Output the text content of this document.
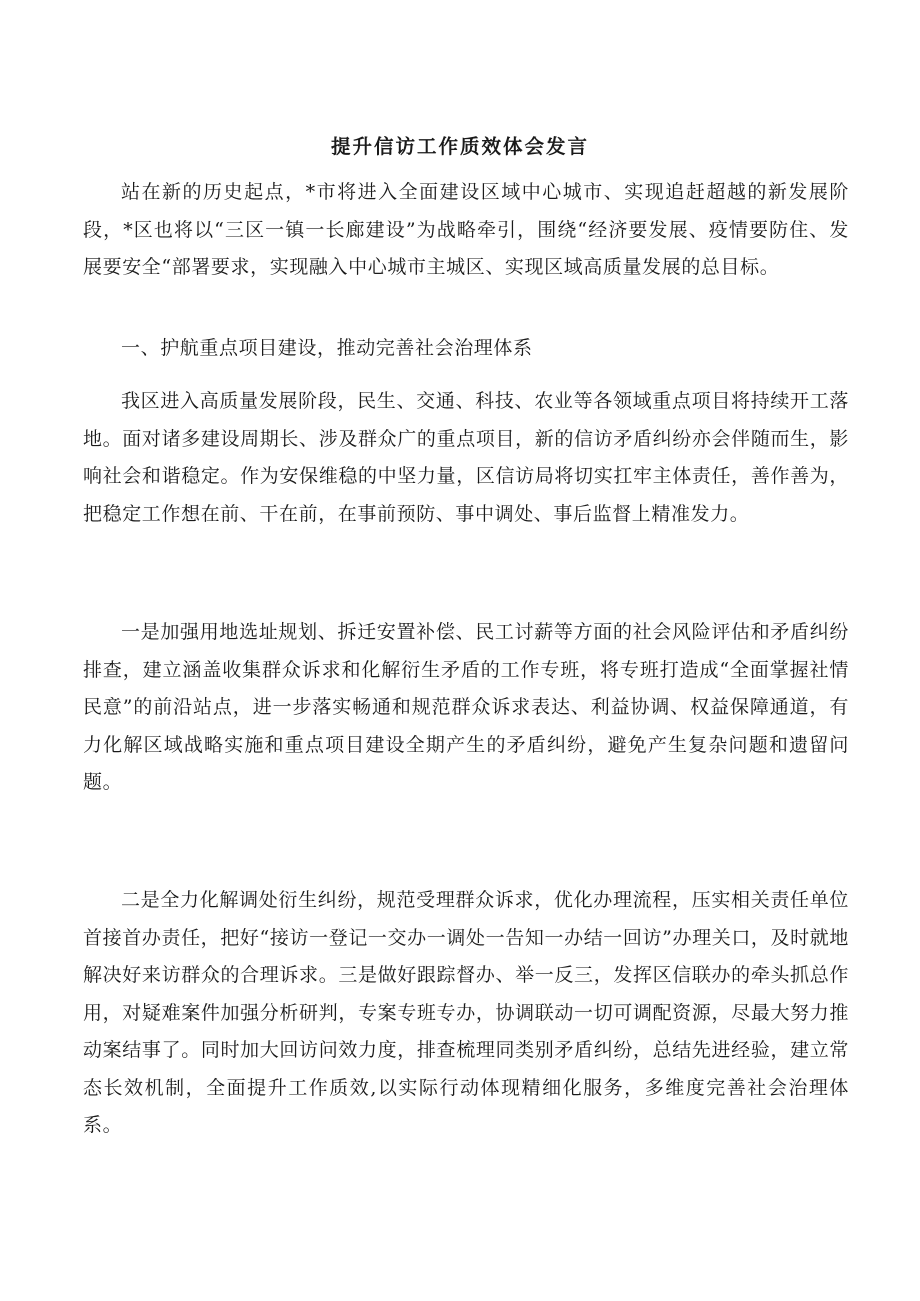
提升信访工作质效体会发言

站在新的历史起点，*市将进入全面建设区域中心城市、实现追赶超越的新发展阶段，*区也将以“三区一镇一长廊建设”为战略牵引，围绕“经济要发展、疫情要防住、发展要安全“部署要求，实现融入中心城市主城区、实现区域高质量发展的总目标。

一、护航重点项目建设，推动完善社会治理体系

我区进入高质量发展阶段，民生、交通、科技、农业等各领域重点项目将持续开工落地。面对诸多建设周期长、涉及群众广的重点项目，新的信访矛盾纠纷亦会伴随而生，影响社会和谐稳定。作为安保维稳的中坚力量，区信访局将切实扛牢主体责任，善作善为，把稳定工作想在前、干在前，在事前预防、事中调处、事后监督上精准发力。

一是加强用地选址规划、拆迁安置补偿、民工讨薪等方面的社会风险评估和矛盾纠纷排查，建立涵盖收集群众诉求和化解衍生矛盾的工作专班，将专班打造成“全面掌握社情民意”的前沿站点，进一步落实畅通和规范群众诉求表达、利益协调、权益保障通道，有力化解区域战略实施和重点项目建设全期产生的矛盾纠纷，避免产生复杂问题和遗留问题。

二是全力化解调处衍生纠纷，规范受理群众诉求，优化办理流程，压实相关责任单位首接首办责任，把好“接访一登记一交办一调处一告知一办结一回访”办理关口，及时就地解决好来访群众的合理诉求。三是做好跟踪督办、举一反三，发挥区信联办的牵头抓总作用，对疑难案件加强分析研判，专案专班专办，协调联动一切可调配资源，尽最大努力推动案结事了。同时加大回访问效力度，排查梳理同类别矛盾纠纷，总结先进经验，建立常态长效机制，全面提升工作质效,以实际行动体现精细化服务，多维度完善社会治理体系。
